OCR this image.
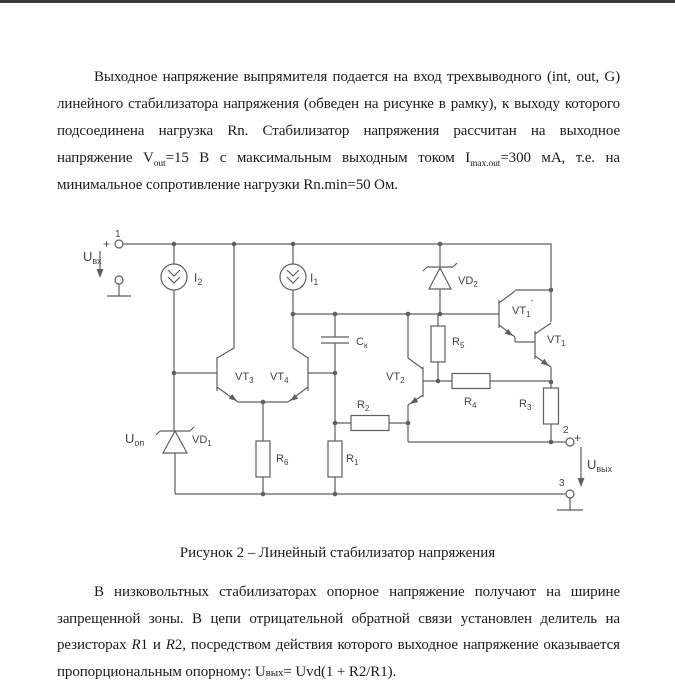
Выходное напряжение выпрямителя подается на вход трехвыводного (int, out, G) линейного стабилизатора напряжения (обведен на рисунке в рамку), к выходу которого подсоединена нагрузка Rn. Стабилизатор напряжения рассчитан на выходное напряжение $V_{out}=15$ В с максимальным выходным током $I_{max.out}=300$ мА, т.е. на минимальное сопротивление нагрузки Rn.min=50 Ом.
1
+
$U_{вх}$
$I_2$	$I_1$
$C_к$
$VD_2$
$VD_1$
$U_{оп}$
$VT_3$ $VT_4$	$VT_2$
$VT_1´$
$VT_1$
$R_5$
$R_2$
$R_4$	$R_3$
$R_6$	$R_1$
2
+
$U_{вых}$
3
Рисунок 2 – Линейный стабилизатор напряжения
В низковольтных стабилизаторах опорное напряжение получают на ширине запрещенной зоны. В цепи отрицательной обратной связи установлен делитель на резисторах R1 и R2, посредством действия которого выходное напряжение оказывается пропорциональным опорному: Uвых= Uvd(1 + R2/R1).
